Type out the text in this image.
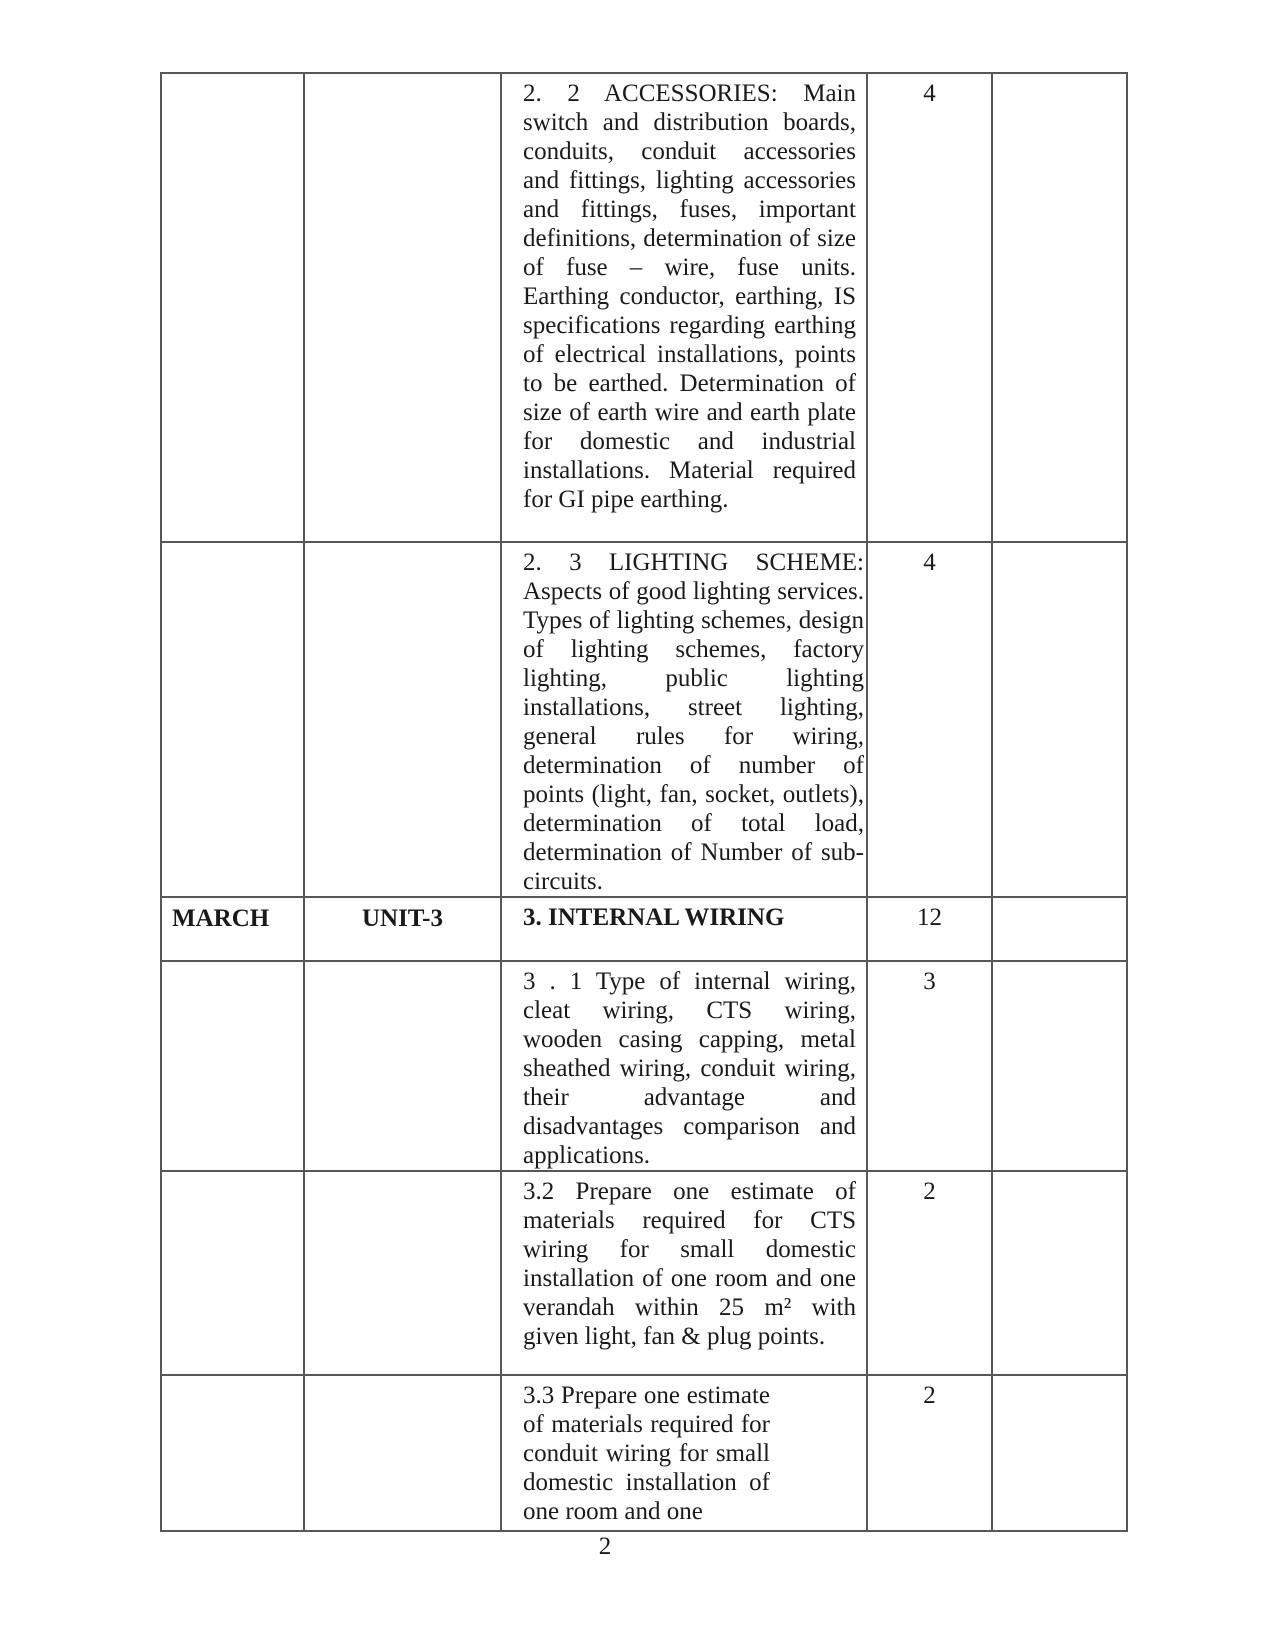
		2. 2 ACCESSORIES: Main switch and distribution boards, conduits, conduit accessories and fittings, lighting accessories and fittings, fuses, important definitions, determination of size of fuse – wire, fuse units. Earthing conductor, earthing, IS specifications regarding earthing of electrical installations, points to be earthed. Determination of size of earth wire and earth plate for domestic and industrial installations. Material required for GI pipe earthing.	4	
		2. 3 LIGHTING SCHEME: Aspects of good lighting services. Types of lighting schemes, design of lighting schemes, factory lighting, public lighting installations, street lighting, general rules for wiring, determination of number of points (light, fan, socket, outlets), determination of total load, determination of Number of sub-circuits.	4	
MARCH	UNIT-3	3. INTERNAL WIRING	12	
		3 . 1 Type of internal wiring, cleat wiring, CTS wiring, wooden casing capping, metal sheathed wiring, conduit wiring, their advantage and disadvantages comparison and applications.	3	
		3.2 Prepare one estimate of materials required for CTS wiring for small domestic installation of one room and one verandah within 25 m² with given light, fan & plug points.	2	
		3.3 Prepare one estimate of materials required for conduit wiring for small domestic installation of one room and one	2	
2
